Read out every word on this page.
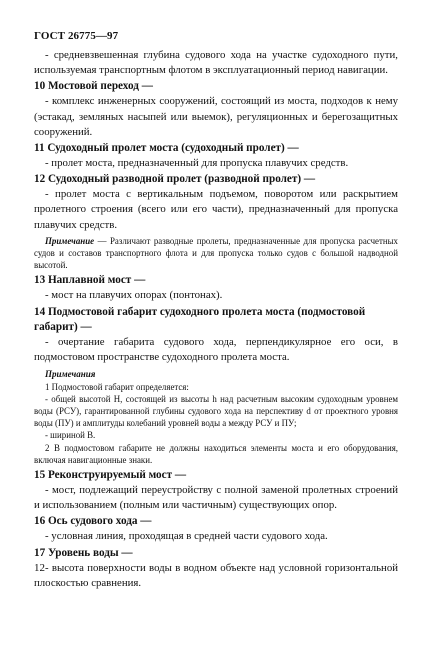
ГОСТ 26775—97

- средневзвешенная глубина судового хода на участке судоходного пути, используемая транспортным флотом в эксплуатационный период навигации.

10 Мостовой переход —

- комплекс инженерных сооружений, состоящий из моста, подходов к нему (эстакад, земляных насыпей или выемок), регуляционных и берегозащитных сооружений.

11 Судоходный пролет моста (судоходный пролет) —

- пролет моста, предназначенный для пропуска плавучих средств.

12 Судоходный разводной пролет (разводной пролет) —

- пролет моста с вертикальным подъемом, поворотом или раскрытием пролетного строения (всего или его части), предназначенный для пропуска плавучих средств.

Примечание — Различают разводные пролеты, предназначенные для пропуска расчетных судов и составов транспортного флота и для пропуска только судов с большой надводной высотой.

13 Наплавной мост —

- мост на плавучих опорах (понтонах).

14 Подмостовой габарит судоходного пролета моста (подмостовой габарит) —

- очертание габарита судового хода, перпендикулярное его оси, в подмостовом пространстве судоходного пролета моста.

Примечания

1 Подмостовой габарит определяется:

- общей высотой H, состоящей из высоты h над расчетным высоким судоходным уровнем воды (РСУ), гарантированной глубины судового хода на перспективу d от проектного уровня воды (ПУ) и амплитуды колебаний уровней воды a между РСУ и ПУ;

- шириной B.

2 В подмостовом габарите не должны находиться элементы моста и его оборудования, включая навигационные знаки.

15 Реконструируемый мост —

- мост, подлежащий переустройству с полной заменой пролетных строений и использованием (полным или частичным) существующих опор.

16 Ось судового хода —

- условная линия, проходящая в средней части судового хода.

17 Уровень воды —

- высота поверхности воды в водном объекте над условной горизонтальной плоскостью сравнения.

12
